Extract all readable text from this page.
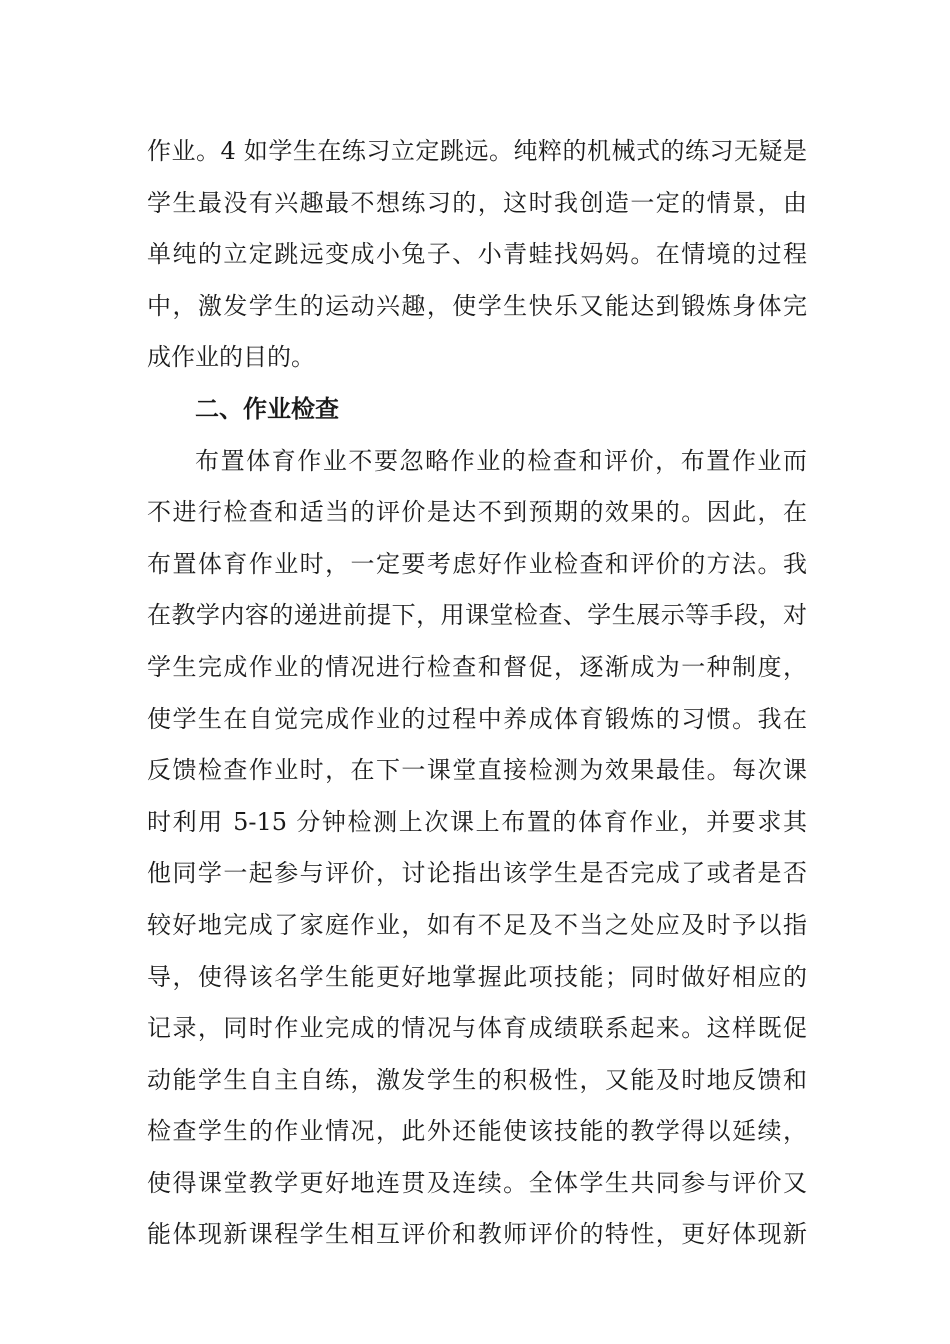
作业。4 如学生在练习立定跳远。纯粹的机械式的练习无疑是
学生最没有兴趣最不想练习的，这时我创造一定的情景，由
单纯的立定跳远变成小兔子、小青蛙找妈妈。在情境的过程
中，激发学生的运动兴趣，使学生快乐又能达到锻炼身体完
成作业的目的。
二、作业检查
布置体育作业不要忽略作业的检查和评价，布置作业而
不进行检查和适当的评价是达不到预期的效果的。因此，在
布置体育作业时，一定要考虑好作业检查和评价的方法。我
在教学内容的递进前提下，用课堂检查、学生展示等手段，对
学生完成作业的情况进行检查和督促，逐渐成为一种制度，
使学生在自觉完成作业的过程中养成体育锻炼的习惯。我在
反馈检查作业时，在下一课堂直接检测为效果最佳。每次课
时利用 5-15 分钟检测上次课上布置的体育作业，并要求其
他同学一起参与评价，讨论指出该学生是否完成了或者是否
较好地完成了家庭作业，如有不足及不当之处应及时予以指
导，使得该名学生能更好地掌握此项技能；同时做好相应的
记录，同时作业完成的情况与体育成绩联系起来。这样既促
动能学生自主自练，激发学生的积极性，又能及时地反馈和
检查学生的作业情况，此外还能使该技能的教学得以延续，
使得课堂教学更好地连贯及连续。全体学生共同参与评价又
能体现新课程学生相互评价和教师评价的特性，更好体现新
